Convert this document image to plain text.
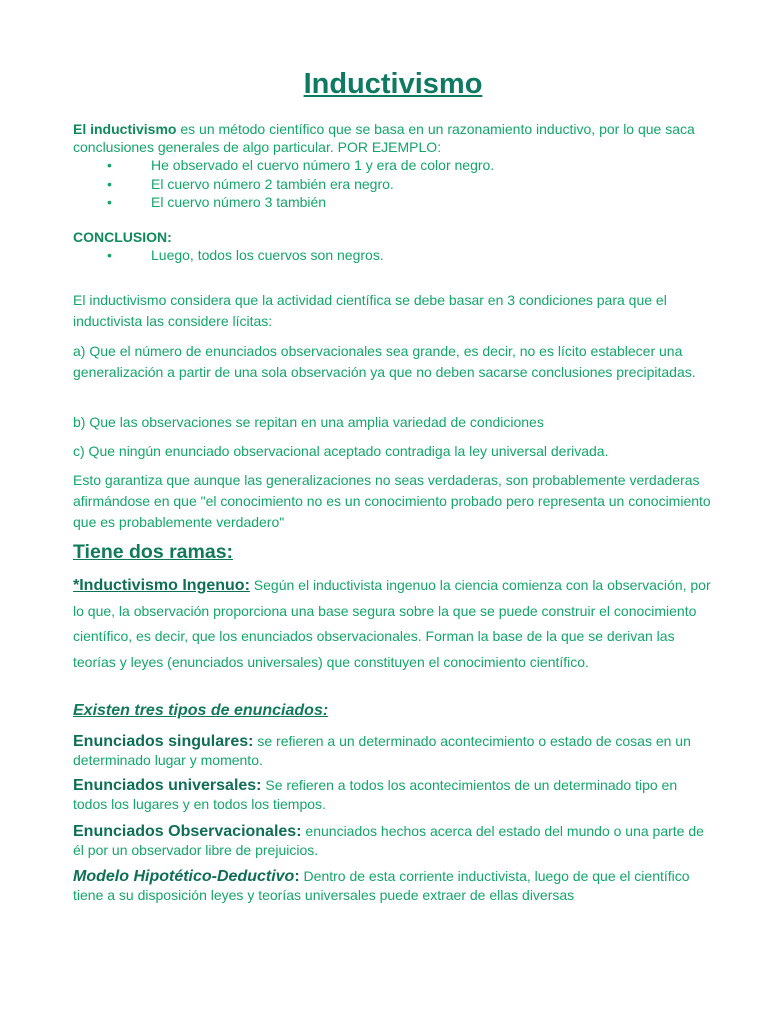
Inductivismo

El inductivismo es un método científico que se basa en un razonamiento inductivo, por lo que saca conclusiones generales de algo particular. POR EJEMPLO:

•	He observado el cuervo número 1 y era de color negro.
•	El cuervo número 2 también era negro.
•	El cuervo número 3 también

CONCLUSION:

•	Luego, todos los cuervos son negros.

El inductivismo considera que la actividad científica se debe basar en 3 condiciones para que el inductivista las considere lícitas:

a) Que el número de enunciados observacionales sea grande, es decir, no es lícito establecer una generalización a partir de una sola observación ya que no deben sacarse conclusiones precipitadas.

b) Que las observaciones se repitan en una amplia variedad de condiciones

c) Que ningún enunciado observacional aceptado contradiga la ley universal derivada.

Esto garantiza que aunque las generalizaciones no seas verdaderas, son probablemente verdaderas afirmándose en que "el conocimiento no es un conocimiento probado pero representa un conocimiento que es probablemente verdadero"

Tiene dos ramas:

*Inductivismo Ingenuo: Según el inductivista ingenuo la ciencia comienza con la observación, por lo que, la observación proporciona una base segura sobre la que se puede construir el conocimiento científico, es decir, que los enunciados observacionales. Forman la base de la que se derivan las teorías y leyes (enunciados universales) que constituyen el conocimiento científico.

Existen tres tipos de enunciados:

Enunciados singulares: se refieren a un determinado acontecimiento o estado de cosas en un determinado lugar y momento.

Enunciados universales: Se refieren a todos los acontecimientos de un determinado tipo en todos los lugares y en todos los tiempos.

Enunciados Observacionales: enunciados hechos acerca del estado del mundo o una parte de él por un observador libre de prejuicios.

Modelo Hipotético-Deductivo: Dentro de esta corriente inductivista, luego de que el científico tiene a su disposición leyes y teorías universales puede extraer de ellas diversas
